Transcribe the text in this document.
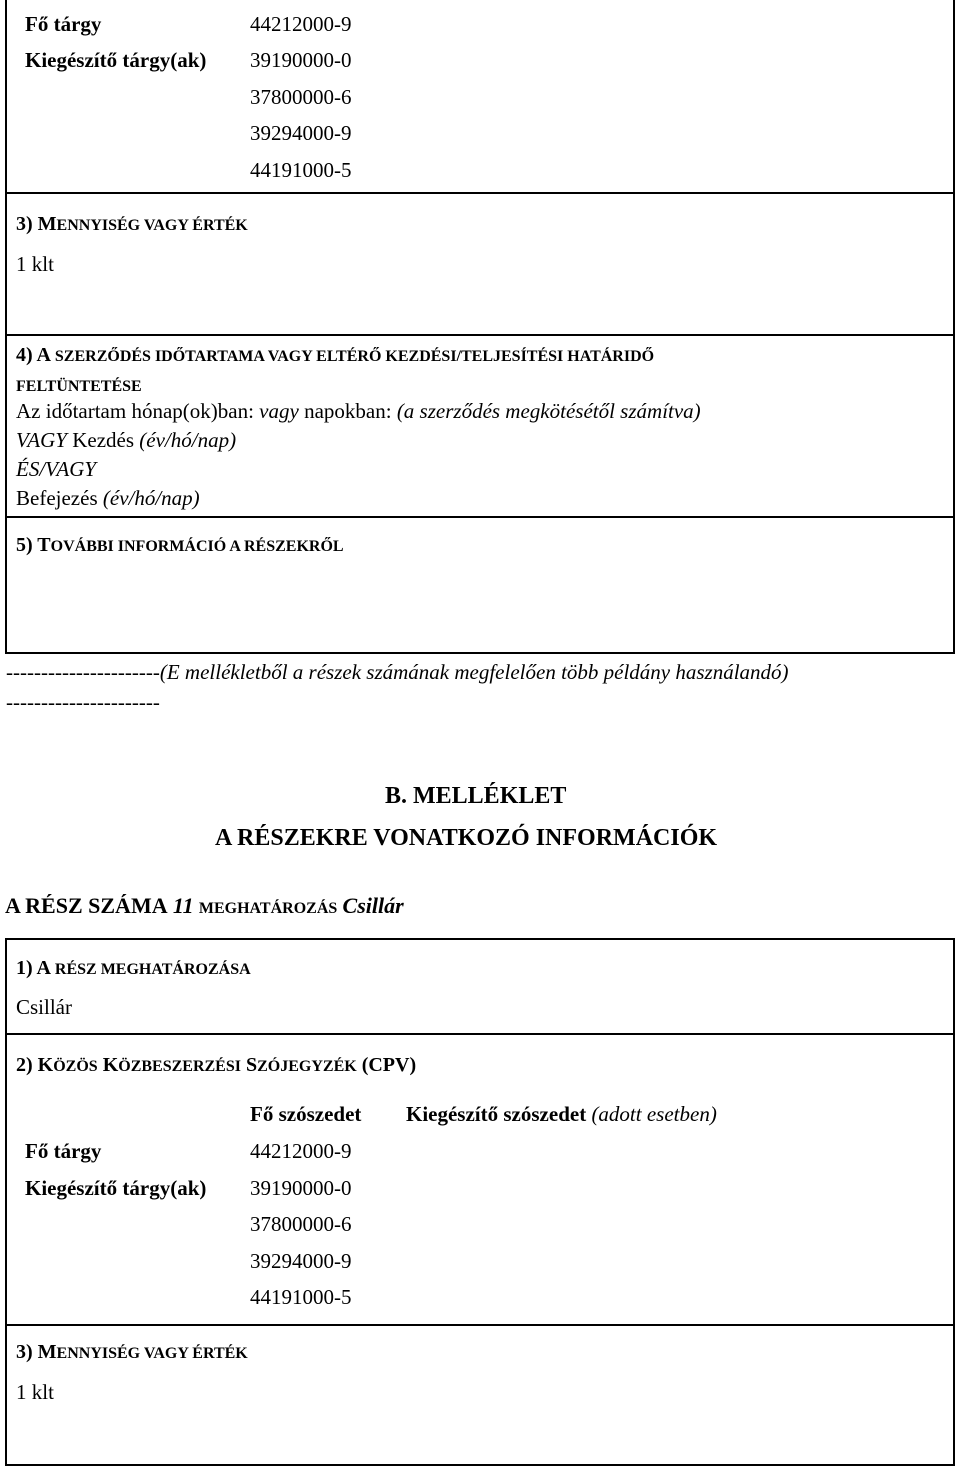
Fő tárgy	44212000-9
Kiegészítő tárgy(ak) 39190000-0
37800000-6
39294000-9
44191000-5
3) MENNYISÉG VAGY ÉRTÉK
1 klt
4) A SZERZŐDÉS IDŐTARTAMA VAGY ELTÉRŐ KEZDÉSI/TELJESÍTÉSI HATÁRIDŐ
FELTÜNTETÉSE
Az időtartam hónap(ok)ban: vagy napokban: (a szerződés megkötésétől számítva)
VAGY Kezdés (év/hó/nap)
ÉS/VAGY
Befejezés (év/hó/nap)
5) TOVÁBBI INFORMÁCIÓ A RÉSZEKRŐL
----------------------(E mellékletből a részek számának megfelelően több példány használandó)
----------------------
B. MELLÉKLET
A RÉSZEKRE VONATKOZÓ INFORMÁCIÓK
A RÉSZ SZÁMA 11 MEGHATÁROZÁS Csillár
1) A RÉSZ MEGHATÁROZÁSA
Csillár
2) KÖZÖS KÖZBESZERZÉSI SZÓJEGYZÉK (CPV)
Fő szószedet Kiegészítő szószedet (adott esetben)
Fő tárgy	44212000-9
Kiegészítő tárgy(ak) 39190000-0
37800000-6
39294000-9
44191000-5
3) MENNYISÉG VAGY ÉRTÉK
1 klt
